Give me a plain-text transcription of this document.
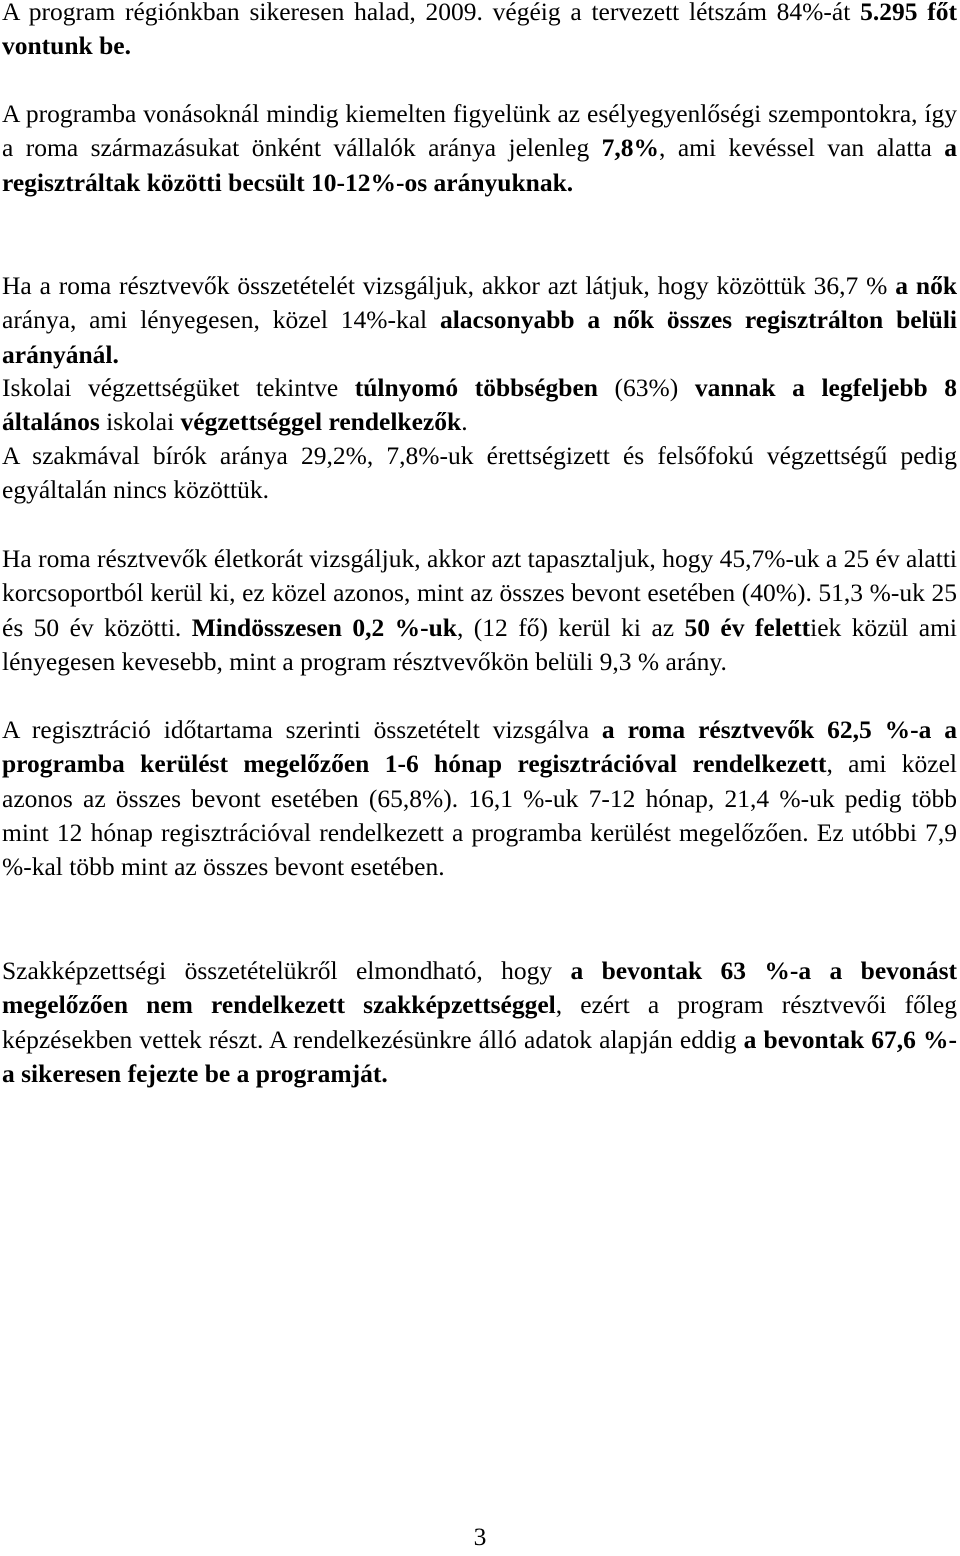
A program régiónkban sikeresen halad, 2009. végéig a tervezett létszám 84%-át 5.295 főt vontunk be.

A programba vonásoknál mindig kiemelten figyelünk az esélyegyenlőségi szempontokra, így a roma származásukat önként vállalók aránya jelenleg 7,8%, ami kevéssel van alatta a regisztráltak közötti becsült 10-12%-os arányuknak.

Ha a roma résztvevők összetételét vizsgáljuk, akkor azt látjuk, hogy közöttük 36,7 % a nők aránya, ami lényegesen, közel 14%-kal alacsonyabb a nők összes regisztrálton belüli arányánál.

Iskolai végzettségüket tekintve túlnyomó többségben (63%) vannak a legfeljebb 8 általános iskolai végzettséggel rendelkezők.

A szakmával bírók aránya 29,2%, 7,8%-uk érettségizett és felsőfokú végzettségű pedig egyáltalán nincs közöttük.

Ha roma résztvevők életkorát vizsgáljuk, akkor azt tapasztaljuk, hogy 45,7%-uk a 25 év alatti korcsoportból kerül ki, ez közel azonos, mint az összes bevont esetében (40%). 51,3 %-uk 25 és 50 év közötti. Mindösszesen 0,2 %-uk, (12 fő) kerül ki az 50 év felettiek közül ami lényegesen kevesebb, mint a program résztvevőkön belüli 9,3 % arány.

A regisztráció időtartama szerinti összetételt vizsgálva a roma résztvevők 62,5 %-a a programba kerülést megelőzően 1-6 hónap regisztrációval rendelkezett, ami közel azonos az összes bevont esetében (65,8%). 16,1 %-uk 7-12 hónap, 21,4 %-uk pedig több mint 12 hónap regisztrációval rendelkezett a programba kerülést megelőzően. Ez utóbbi 7,9 %-kal több mint az összes bevont esetében.

Szakképzettségi összetételükről elmondható, hogy a bevontak 63 %-a a bevonást megelőzően nem rendelkezett szakképzettséggel, ezért a program résztvevői főleg képzésekben vettek részt. A rendelkezésünkre álló adatok alapján eddig a bevontak 67,6 %-a sikeresen fejezte be a programját.

3
